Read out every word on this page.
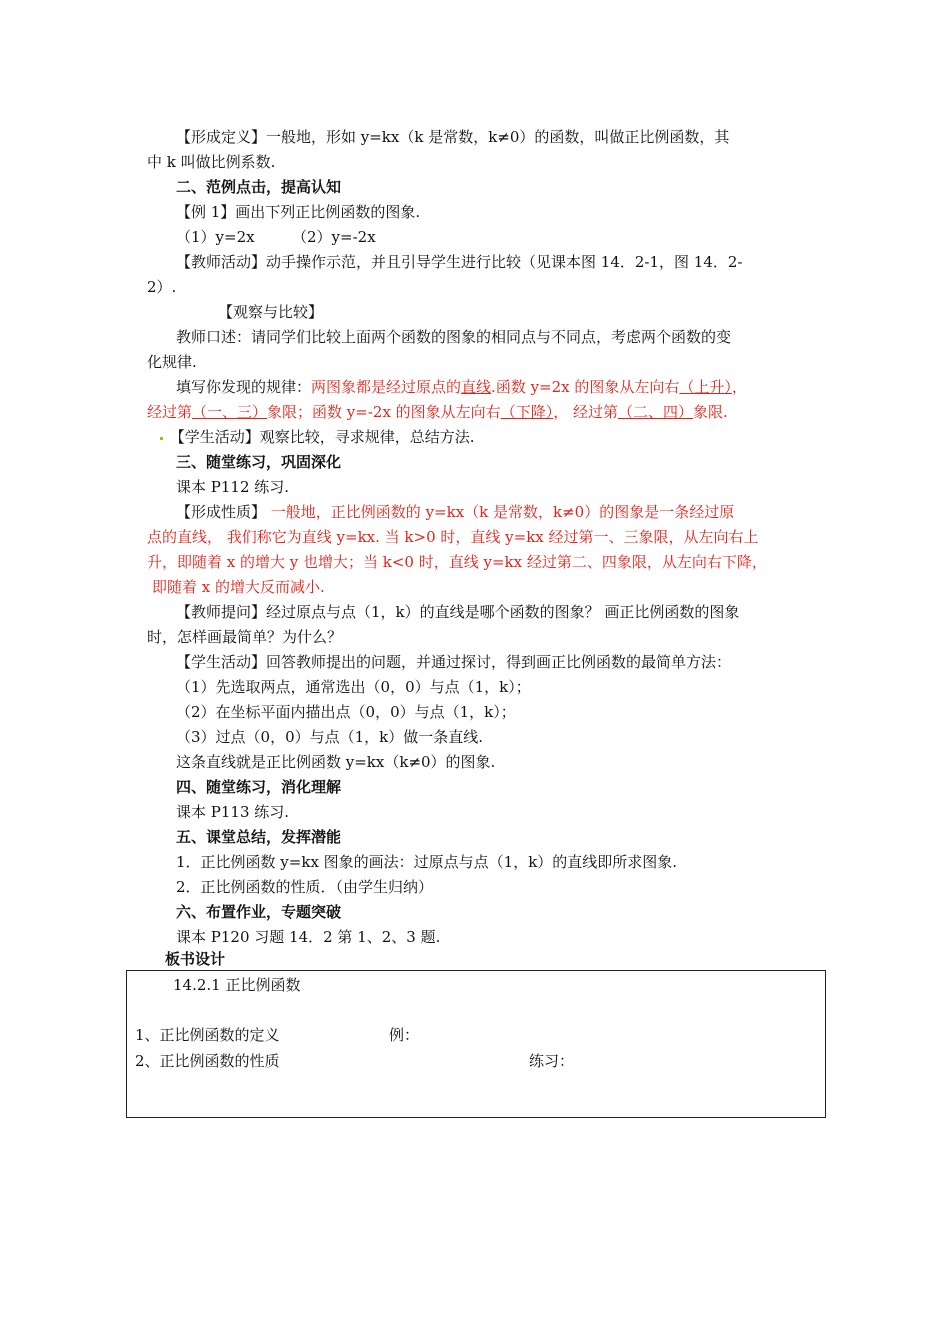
【形成定义】一般地，形如 y=kx（k 是常数，k≠0）的函数，叫做正比例函数，其
中 k 叫做比例系数.
二、范例点击，提高认知
【例 1】画出下列正比例函数的图象.
（1）y=2x （2）y=-2x
【教师活动】动手操作示范，并且引导学生进行比较（见课本图 14．2-1，图 14．2-
2）.
【观察与比较】
教师口述：请同学们比较上面两个函数的图象的相同点与不同点，考虑两个函数的变
化规律.
填写你发现的规律：两图象都是经过原点的直线.函数 y=2x 的图象从左向右（上升），
经过第（一、三）象限；函数 y=-2x 的图象从左向右（下降）， 经过第（二、四）象限.
【学生活动】观察比较，寻求规律，总结方法.
三、随堂练习，巩固深化
课本 P112 练习.
【形成性质】 一般地，正比例函数的 y=kx（k 是常数，k≠0）的图象是一条经过原
点的直线， 我们称它为直线 y=kx. 当 k>0 时，直线 y=kx 经过第一、三象限，从左向右上
升，即随着 x 的增大 y 也增大；当 k<0 时，直线 y=kx 经过第二、四象限，从左向右下降，
即随着 x 的增大反而减小.
【教师提问】经过原点与点（1，k）的直线是哪个函数的图象？ 画正比例函数的图象
时，怎样画最简单？为什么？
【学生活动】回答教师提出的问题，并通过探讨，得到画正比例函数的最简单方法：
（1）先选取两点，通常选出（0，0）与点（1，k）；
（2）在坐标平面内描出点（0，0）与点（1，k）；
（3）过点（0，0）与点（1，k）做一条直线.
这条直线就是正比例函数 y=kx（k≠0）的图象.
四、随堂练习，消化理解
课本 P113 练习.
五、课堂总结，发挥潜能
1．正比例函数 y=kx 图象的画法：过原点与点（1，k）的直线即所求图象.
2．正比例函数的性质．（由学生归纳）
六、布置作业，专题突破
课本 P120 习题 14．2 第 1、2、3 题.
板书设计
14.2.1 正比例函数
1、正比例函数的定义	例：
2、正比例函数的性质	练习：
